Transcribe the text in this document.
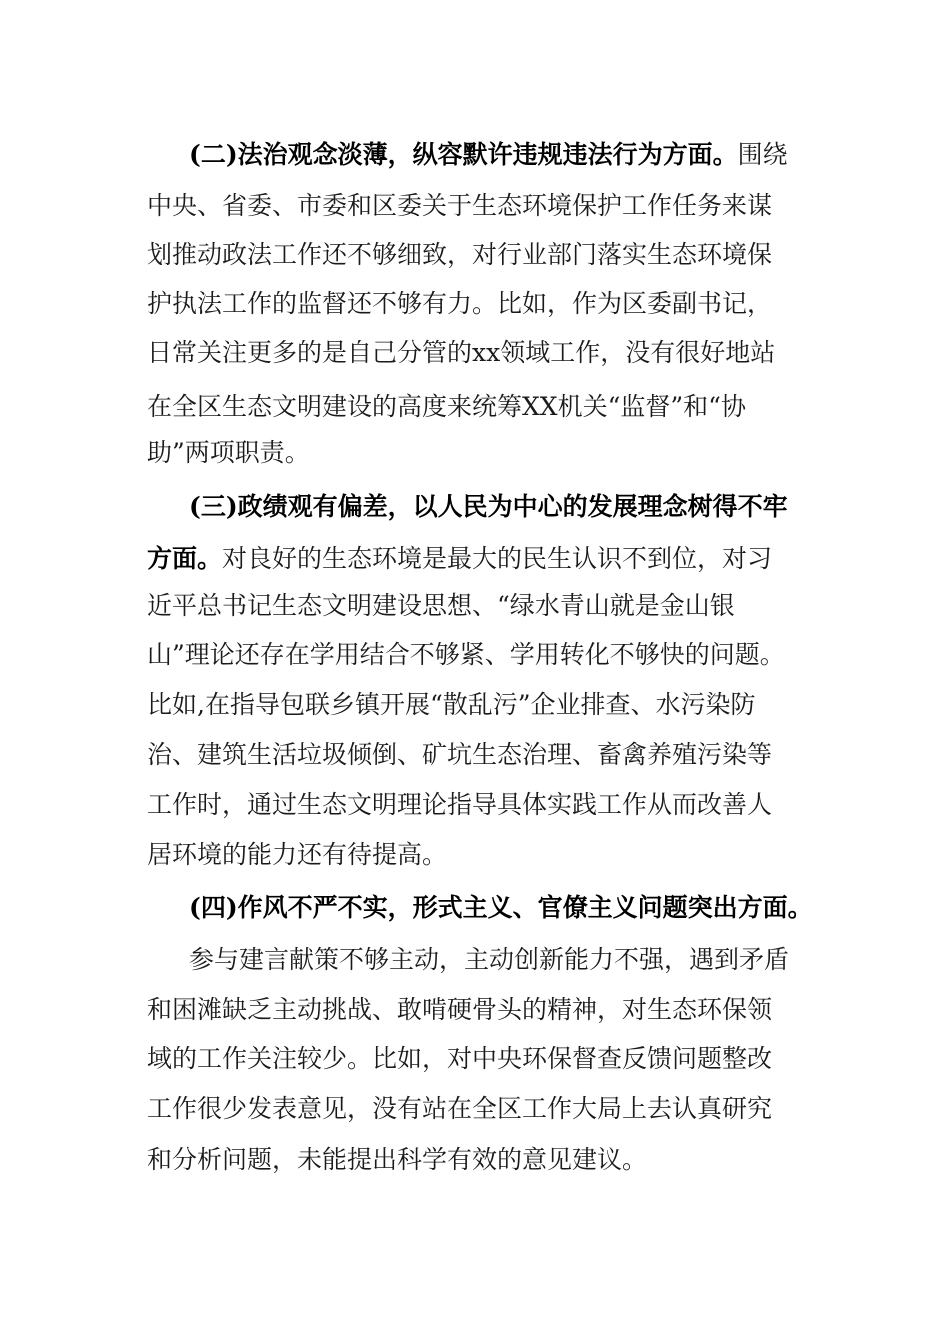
(二)法治观念淡薄，纵容默许违规违法行为方面。围绕

中央、省委、市委和区委关于生态环境保护工作任务来谋

划推动政法工作还不够细致，对行业部门落实生态环境保

护执法工作的监督还不够有力。比如，作为区委副书记，

日常关注更多的是自己分管的xx领域工作，没有很好地站

在全区生态文明建设的高度来统筹XX机关“监督”和“协

助”两项职责。

(三)政绩观有偏差，以人民为中心的发展理念树得不牢

方面。对良好的生态环境是最大的民生认识不到位，对习

近平总书记生态文明建设思想、“绿水青山就是金山银

山”理论还存在学用结合不够紧、学用转化不够快的问题。

比如,在指导包联乡镇开展“散乱污”企业排查、水污染防

治、建筑生活垃圾倾倒、矿坑生态治理、畜禽养殖污染等

工作时，通过生态文明理论指导具体实践工作从而改善人

居环境的能力还有待提高。

(四)作风不严不实，形式主义、官僚主义问题突出方面。

参与建言献策不够主动，主动创新能力不强，遇到矛盾

和困滩缺乏主动挑战、敢啃硬骨头的精神，对生态环保领

域的工作关注较少。比如，对中央环保督查反馈问题整改

工作很少发表意见，没有站在全区工作大局上去认真研究

和分析问题，未能提出科学有效的意见建议。
